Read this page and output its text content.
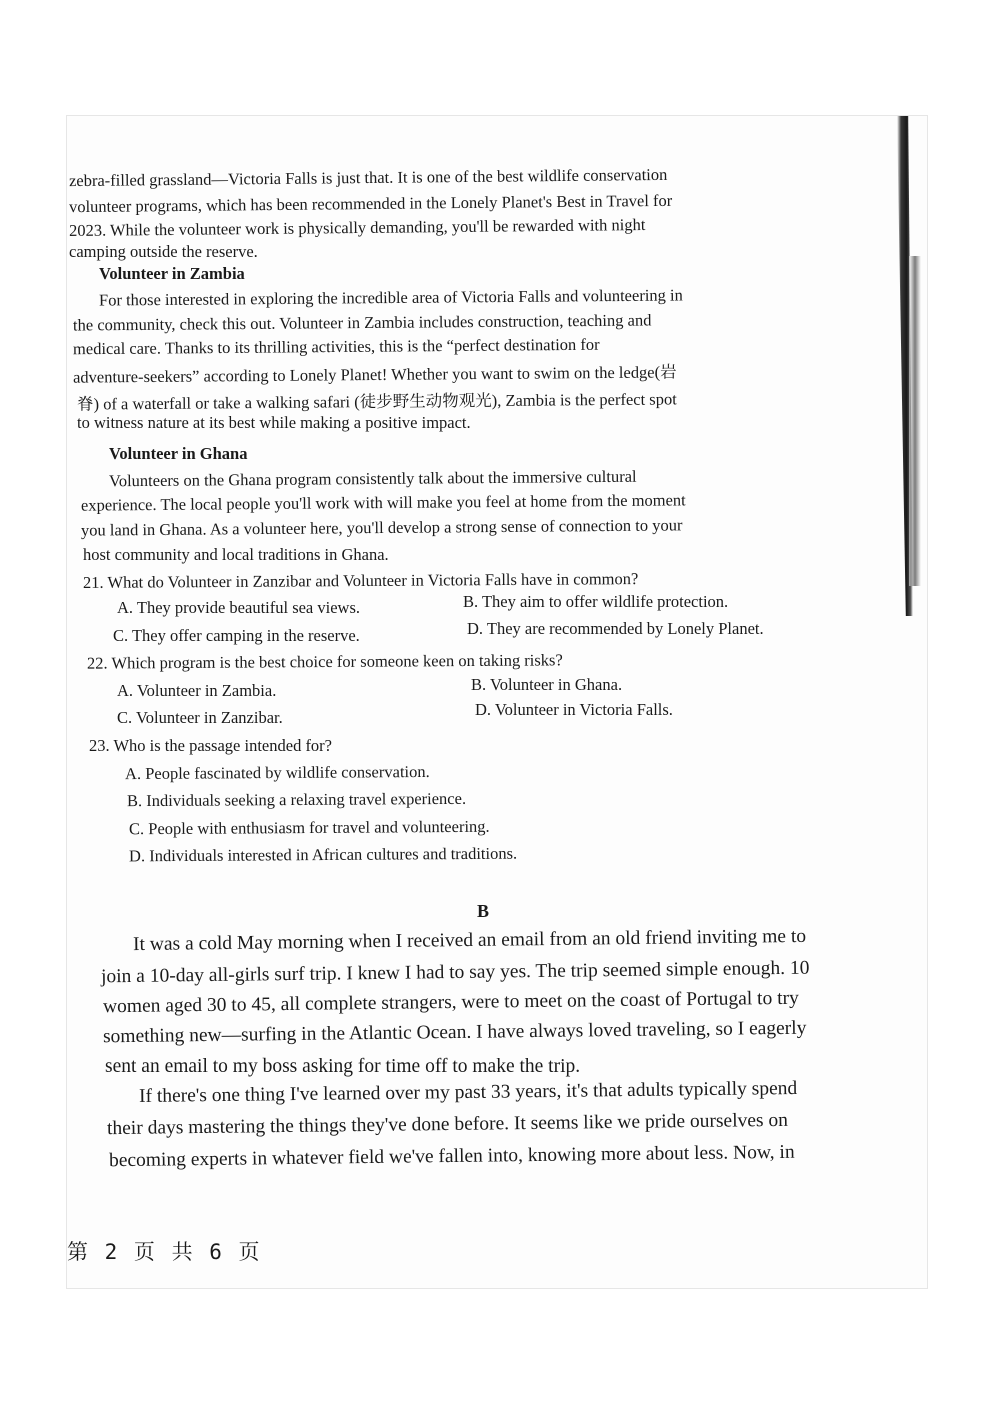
zebra-filled grassland—Victoria Falls is just that. It is one of the best wildlife conservation
volunteer programs, which has been recommended in the Lonely Planet's Best in Travel for
2023. While the volunteer work is physically demanding, you'll be rewarded with night
camping outside the reserve.
Volunteer in Zambia
For those interested in exploring the incredible area of Victoria Falls and volunteering in
the community, check this out. Volunteer in Zambia includes construction, teaching and
medical care. Thanks to its thrilling activities, this is the “perfect destination for
adventure-seekers” according to Lonely Planet! Whether you want to swim on the ledge(岩
脊) of a waterfall or take a walking safari (徒步野生动物观光), Zambia is the perfect spot
to witness nature at its best while making a positive impact.
Volunteer in Ghana
Volunteers on the Ghana program consistently talk about the immersive cultural
experience. The local people you'll work with will make you feel at home from the moment
you land in Ghana. As a volunteer here, you'll develop a strong sense of connection to your
host community and local traditions in Ghana.
21. What do Volunteer in Zanzibar and Volunteer in Victoria Falls have in common?
A. They provide beautiful sea views.	B. They aim to offer wildlife protection.
C. They offer camping in the reserve.	D. They are recommended by Lonely Planet.
22. Which program is the best choice for someone keen on taking risks?
A. Volunteer in Zambia.	B. Volunteer in Ghana.
C. Volunteer in Zanzibar.	D. Volunteer in Victoria Falls.
23. Who is the passage intended for?
A. People fascinated by wildlife conservation.
B. Individuals seeking a relaxing travel experience.
C. People with enthusiasm for travel and volunteering.
D. Individuals interested in African cultures and traditions.
B
It was a cold May morning when I received an email from an old friend inviting me to
join a 10-day all-girls surf trip. I knew I had to say yes. The trip seemed simple enough. 10
women aged 30 to 45, all complete strangers, were to meet on the coast of Portugal to try
something new—surfing in the Atlantic Ocean. I have always loved traveling, so I eagerly
sent an email to my boss asking for time off to make the trip.
If there's one thing I've learned over my past 33 years, it's that adults typically spend
their days mastering the things they've done before. It seems like we pride ourselves on
becoming experts in whatever field we've fallen into, knowing more about less. Now, in
第 2 页 共 6 页
